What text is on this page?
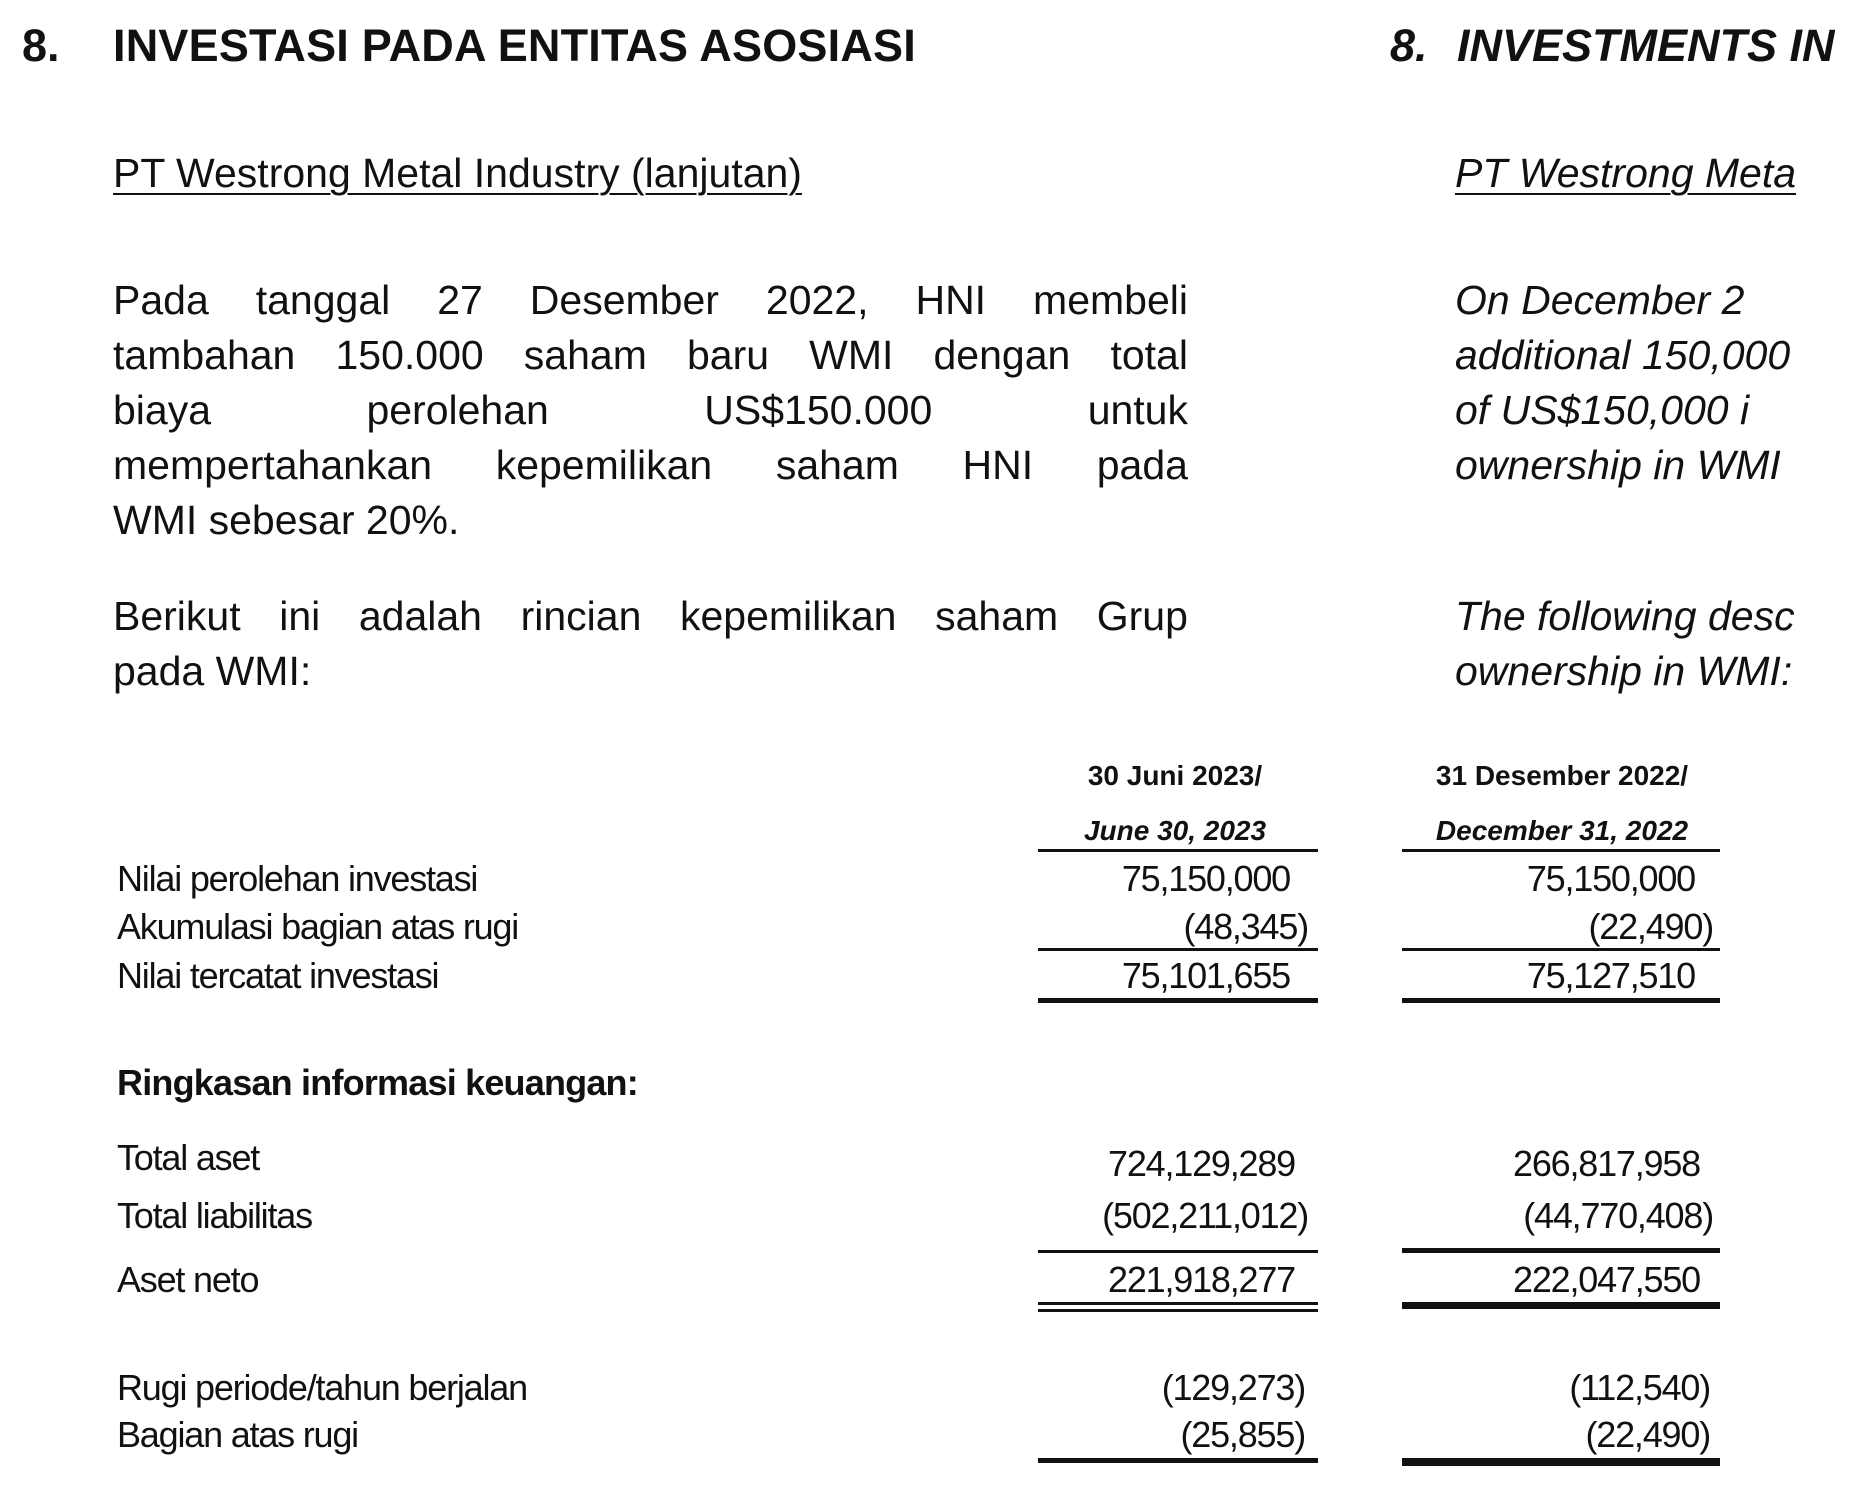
8. INVESTASI PADA ENTITAS ASOSIASI	8. INVESTMENTS IN
PT Westrong Meta
PT Westrong Metal Industry (lanjutan)
Pada tanggal 27 Desember 2022, HNI membeli
tambahan 150.000 saham baru WMI dengan total
biaya	perolehan	US$150.000	untuk
mempertahankan kepemilikan saham HNI pada
WMI sebesar 20%.
On December 2
additional 150,000
of US$150,000 i
ownership in WMI
Berikut ini adalah rincian kepemilikan saham Grup
pada WMI:
The following desc
ownership in WMI:
30 Juni 2023/
June 30, 2023
31 Desember 2022/
December 31, 2022
Nilai perolehan investasi	75,150,000	75,150,000
Akumulasi bagian atas rugi	(48,345)	(22,490)
Nilai tercatat investasi	75,101,655	75,127,510
Ringkasan informasi keuangan:
Total aset	724,129,289	266,817,958
Total liabilitas	(502,211,012)	(44,770,408)
Aset neto	221,918,277	222,047,550
Rugi periode/tahun berjalan	(129,273)	(112,540)
Bagian atas rugi	(25,855)	(22,490)
